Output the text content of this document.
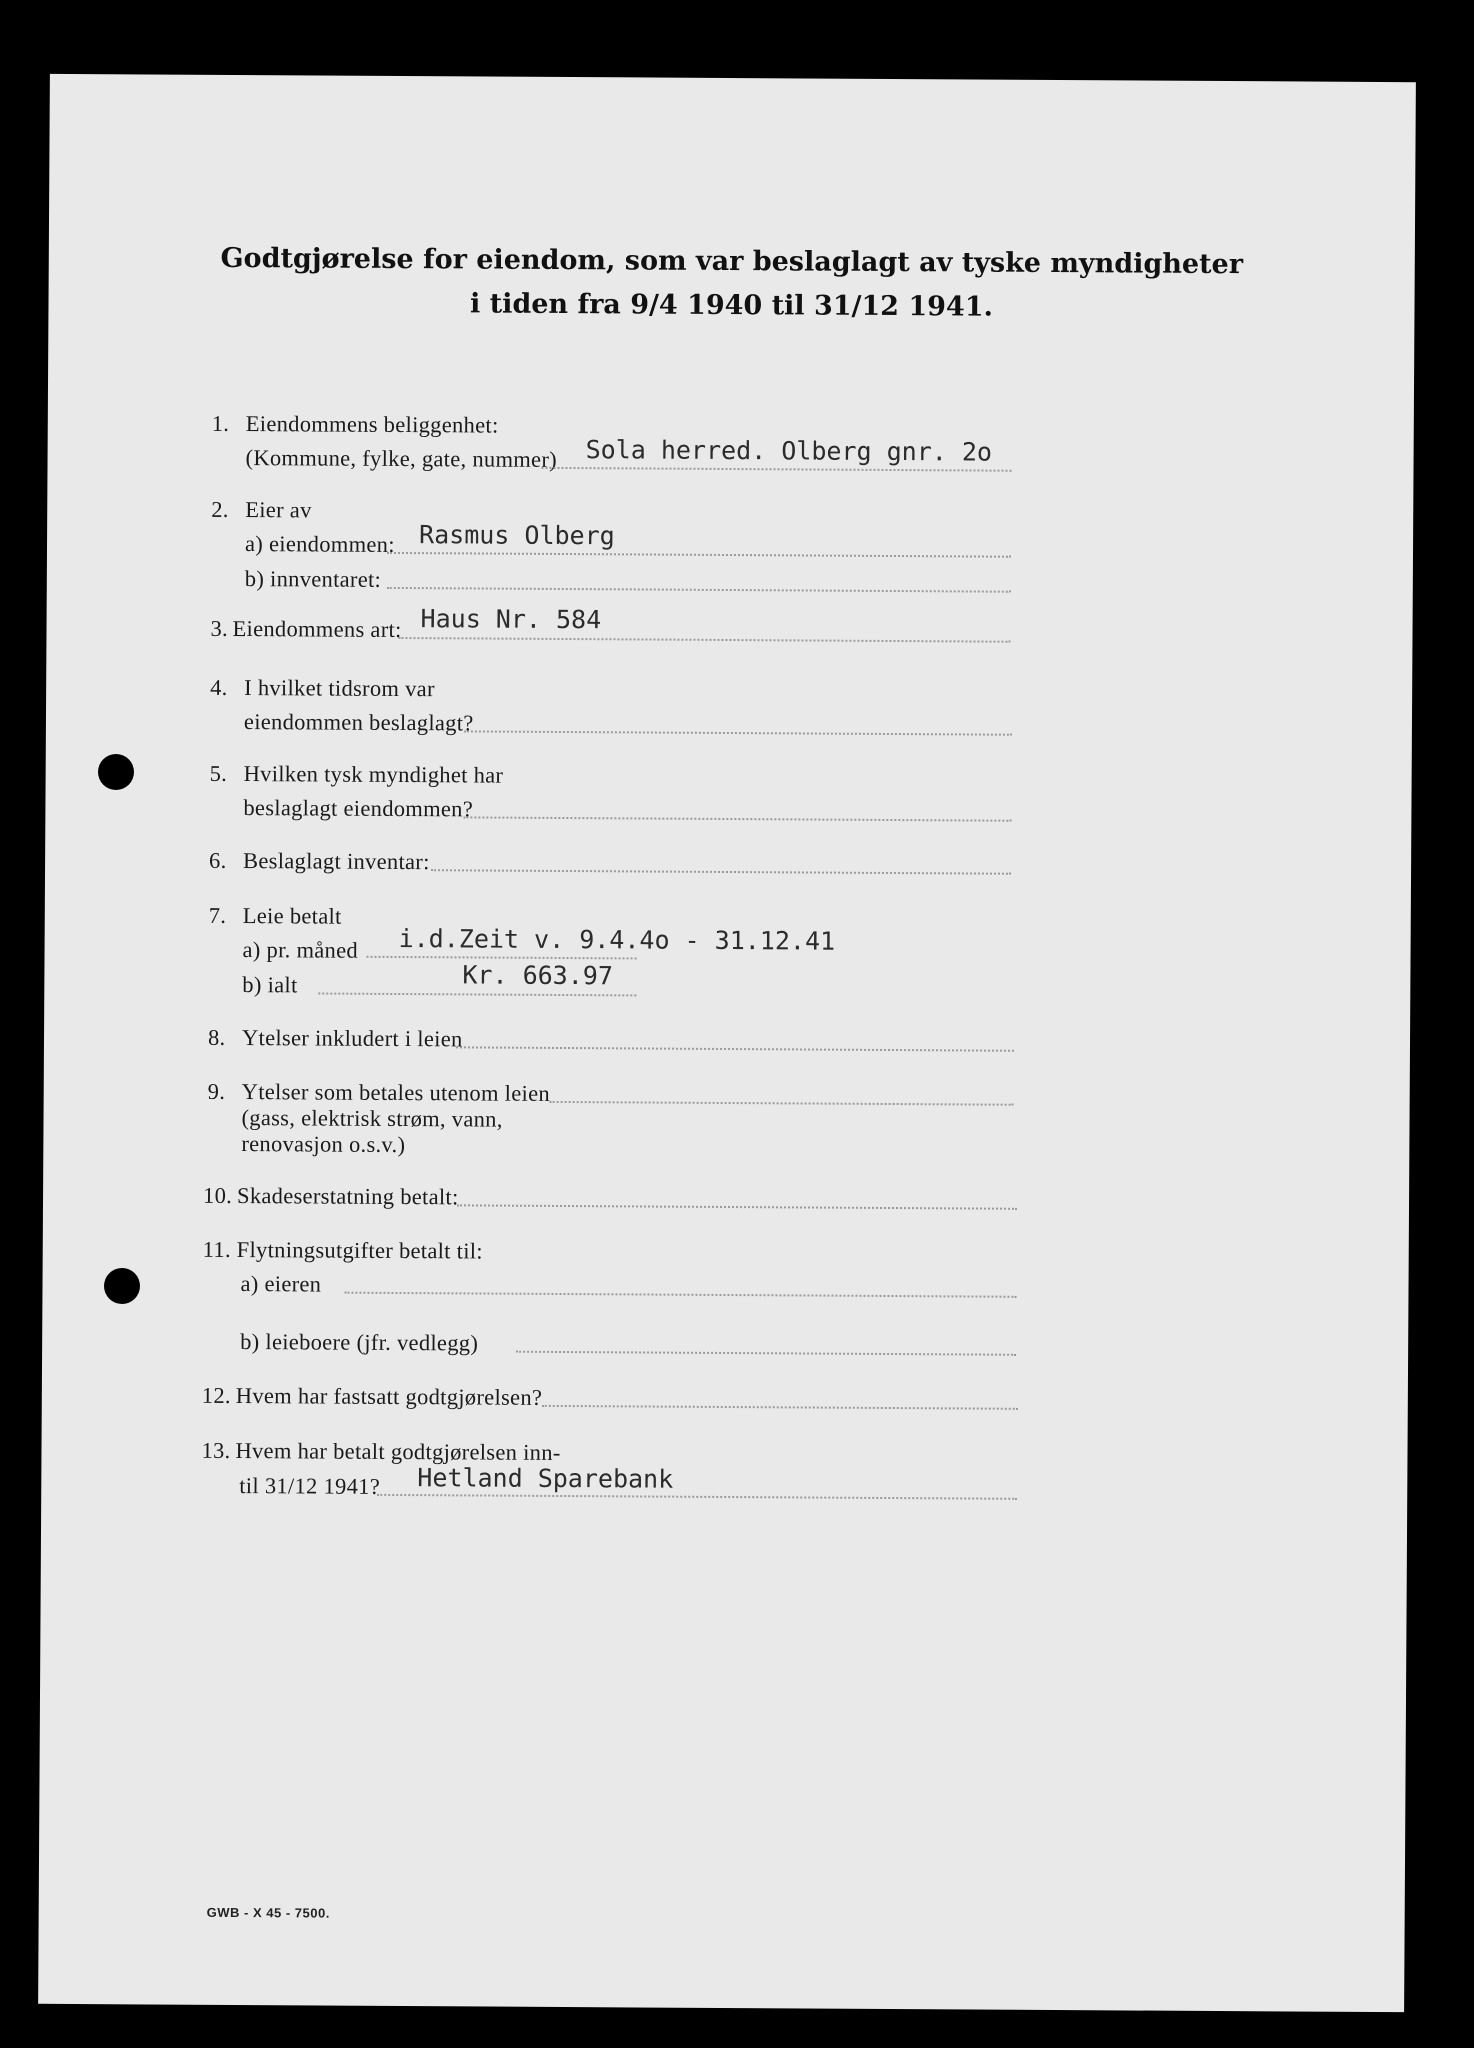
Godtgjørelse for eiendom, som var beslaglagt av tyske myndigheter
i tiden fra 9/4 1940 til 31/12 1941.
1. Eiendommens beliggenhet:
(Kommune, fylke, gate, nummer) Sola herred. Olberg gnr. 2o
2. Eier av
a) eiendommen: Rasmus Olberg
b) innventaret:
3. Eiendommens art: Haus Nr. 584
4. I hvilket tidsrom var
eiendommen beslaglagt?
5. Hvilken tysk myndighet har
beslaglagt eiendommen?
6. Beslaglagt inventar:
7. Leie betalt
a) pr. måned i.d.Zeit v. 9.4.4o - 31.12.41
b) ialt	Kr. 663.97
8. Ytelser inkludert i leien
9. Ytelser som betales utenom leien
(gass, elektrisk strøm, vann,
renovasjon o.s.v.)
10. Skadeserstatning betalt:
11. Flytningsutgifter betalt til:
a) eieren
b) leieboere (jfr. vedlegg)
12. Hvem har fastsatt godtgjørelsen?
13. Hvem har betalt godtgjørelsen inn-
til 31/12 1941? Hetland Sparebank
GWB - X 45 - 7500.
